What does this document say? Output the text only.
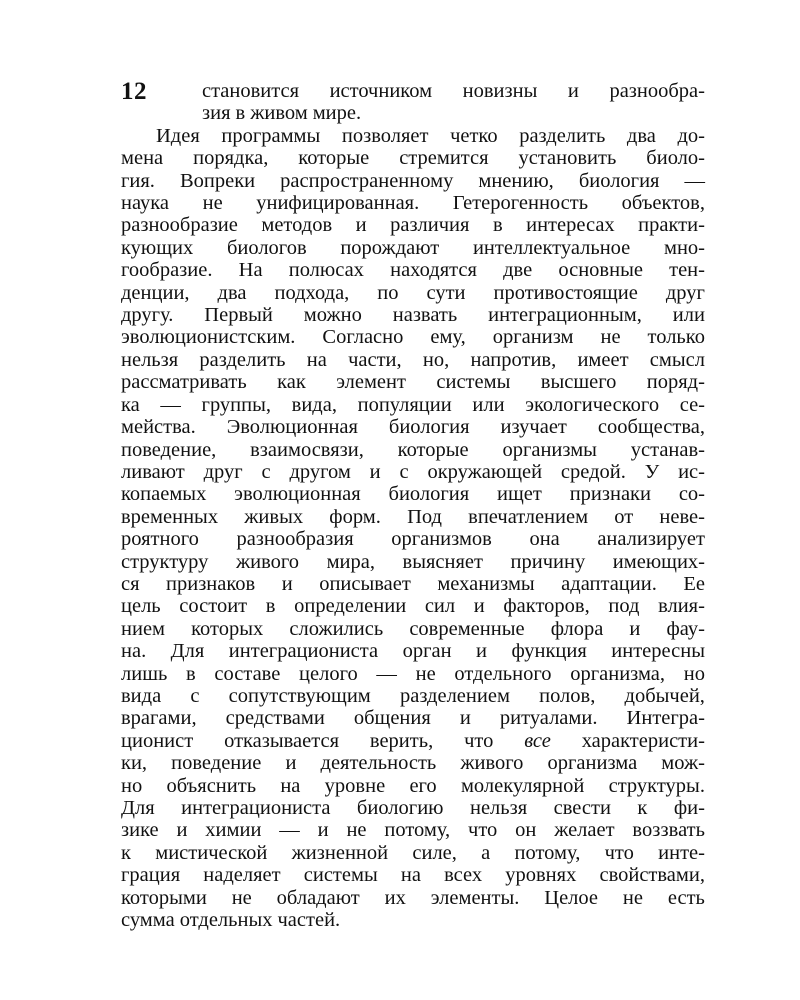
12	становится источником новизны и разнообра-
зия в живом мире.
Идея программы позволяет четко разделить два до-
мена порядка, которые стремится установить биоло-
гия. Вопреки распространенному мнению, биология —
наука не унифицированная. Гетерогенность объектов,
разнообразие методов и различия в интересах практи-
кующих биологов порождают интеллектуальное мно-
гообразие. На полюсах находятся две основные тен-
денции, два подхода, по сути противостоящие друг
другу. Первый можно назвать интеграционным, или
эволюционистским. Согласно ему, организм не только
нельзя разделить на части, но, напротив, имеет смысл
рассматривать как элемент системы высшего поряд-
ка — группы, вида, популяции или экологического се-
мейства. Эволюционная биология изучает сообщества,
поведение, взаимосвязи, которые организмы устанав-
ливают друг с другом и с окружающей средой. У ис-
копаемых эволюционная биология ищет признаки со-
временных живых форм. Под впечатлением от неве-
роятного разнообразия организмов она анализирует
структуру живого мира, выясняет причину имеющих-
ся признаков и описывает механизмы адаптации. Ее
цель состоит в определении сил и факторов, под влия-
нием которых сложились современные флора и фау-
на. Для интеграциониста орган и функция интересны
лишь в составе целого — не отдельного организма, но
вида с сопутствующим разделением полов, добычей,
врагами, средствами общения и ритуалами. Интегра-
ционист отказывается верить, что все характеристи-
ки, поведение и деятельность живого организма мож-
но объяснить на уровне его молекулярной структуры.
Для интеграциониста биологию нельзя свести к фи-
зике и химии — и не потому, что он желает воззвать
к мистической жизненной силе, а потому, что инте-
грация наделяет системы на всех уровнях свойствами,
которыми не обладают их элементы. Целое не есть
сумма отдельных частей.
